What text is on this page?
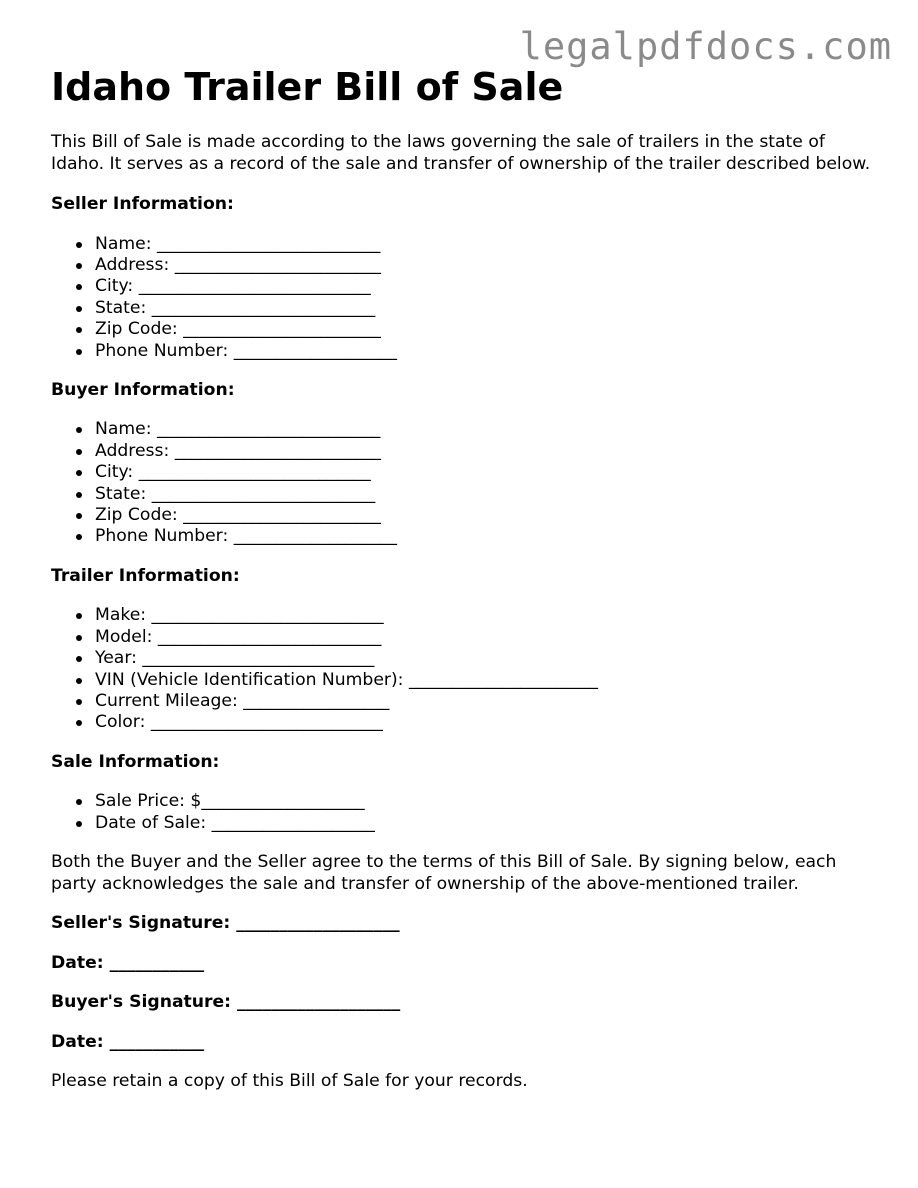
legalpdfdocs.com
Idaho Trailer Bill of Sale

This Bill of Sale is made according to the laws governing the sale of trailers in the state of Idaho. It serves as a record of the sale and transfer of ownership of the trailer described below.

Seller Information:

Name: __________________________
Address: ________________________
City: ___________________________
State: __________________________
Zip Code: _______________________
Phone Number: ___________________

Buyer Information:

Name: __________________________
Address: ________________________
City: ___________________________
State: __________________________
Zip Code: _______________________
Phone Number: ___________________

Trailer Information:

Make: ___________________________
Model: __________________________
Year: ___________________________
VIN (Vehicle Identification Number): ______________________
Current Mileage: _________________
Color: ___________________________

Sale Information:

Sale Price: $___________________
Date of Sale: ___________________

Both the Buyer and the Seller agree to the terms of this Bill of Sale. By signing below, each party acknowledges the sale and transfer of ownership of the above-mentioned trailer.

Seller's Signature: ___________________

Date: ___________

Buyer's Signature: ___________________

Date: ___________

Please retain a copy of this Bill of Sale for your records.
